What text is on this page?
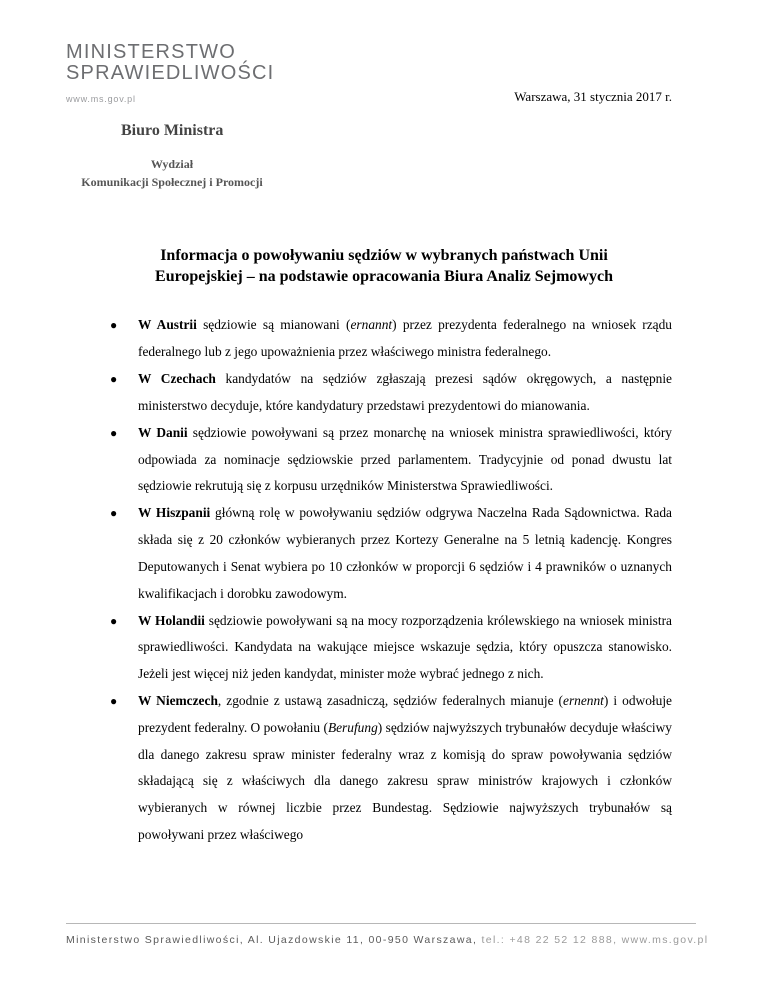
MINISTERSTWO
SPRAWIEDLIWOŚCI
www.ms.gov.pl	Warszawa, 31 stycznia 2017 r.
Biuro Ministra
Wydział
Komunikacji Społecznej i Promocji
Informacja o powoływaniu sędziów w wybranych państwach Unii
Europejskiej – na podstawie opracowania Biura Analiz Sejmowych
● W Austrii sędziowie są mianowani (ernannt) przez prezydenta federalnego na wniosek rządu federalnego lub z jego upoważnienia przez właściwego ministra federalnego.
● W Czechach kandydatów na sędziów zgłaszają prezesi sądów okręgowych, a następnie ministerstwo decyduje, które kandydatury przedstawi prezydentowi do mianowania.
● W Danii sędziowie powoływani są przez monarchę na wniosek ministra sprawiedliwości, który odpowiada za nominacje sędziowskie przed parlamentem. Tradycyjnie od ponad dwustu lat sędziowie rekrutują się z korpusu urzędników Ministerstwa Sprawiedliwości.
● W Hiszpanii główną rolę w powoływaniu sędziów odgrywa Naczelna Rada Sądownictwa. Rada składa się z 20 członków wybieranych przez Kortezy Generalne na 5 letnią kadencję. Kongres Deputowanych i Senat wybiera po 10 członków w proporcji 6 sędziów i 4 prawników o uznanych kwalifikacjach i dorobku zawodowym.
● W Holandii sędziowie powoływani są na mocy rozporządzenia królewskiego na wniosek ministra sprawiedliwości. Kandydata na wakujące miejsce wskazuje sędzia, który opuszcza stanowisko. Jeżeli jest więcej niż jeden kandydat, minister może wybrać jednego z nich.
● W Niemczech, zgodnie z ustawą zasadniczą, sędziów federalnych mianuje (ernennt) i odwołuje prezydent federalny. O powołaniu (Berufung) sędziów najwyższych trybunałów decyduje właściwy dla danego zakresu spraw minister federalny wraz z komisją do spraw powoływania sędziów składającą się z właściwych dla danego zakresu spraw ministrów krajowych i członków wybieranych w równej liczbie przez Bundestag. Sędziowie najwyższych trybunałów są powoływani przez właściwego
Ministerstwo Sprawiedliwości, Al. Ujazdowskie 11, 00-950 Warszawa, tel.: +48 22 52 12 888, www.ms.gov.pl
